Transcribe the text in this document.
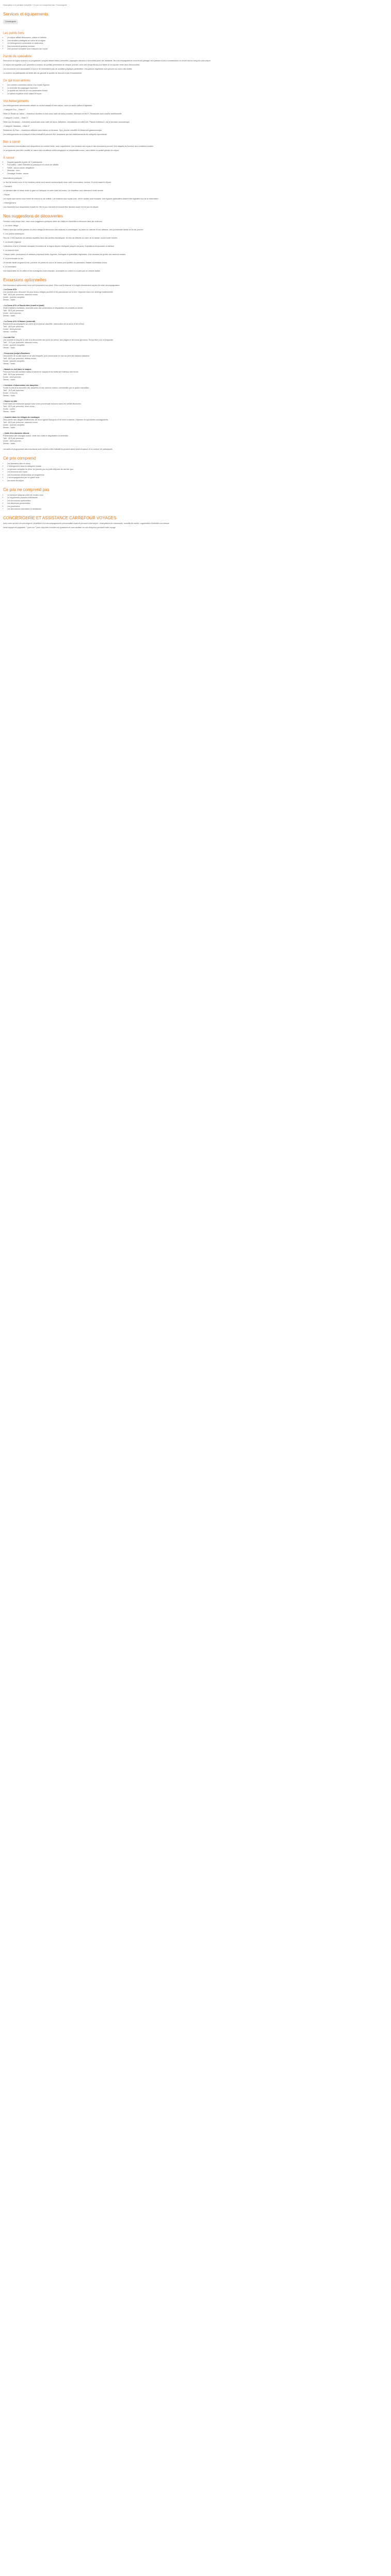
Description à la pension complète / Ce prix ne comprend pas / Conciergerie
Services et équipements
Conciergerie
Les points forts
• Un séjour alliant découverte, culture et détente
• Une situation privilégiée au cœur de la région
• Un hébergement confortable et chaleureux
• Des excursions guidées incluses
• Une pension complète avec boissons aux repas
Parole de spécialiste

Découvrez la région à travers un programme complet alliant visites culturelles, paysages naturels et rencontres avec les habitants. Nos accompagnateurs vous feront partager leur passion et leur connaissance du terroir tout au long de votre séjour.

Le séjour est organisé pour permettre à chacun de profiter pleinement de chaque journée, avec des temps libres pour flâner et se reposer entre deux découvertes.

Les excursions sont accessibles à tous et ne nécessitent pas de condition physique particulière. Des pauses régulières sont prévues au cours des visites.

Le nombre de participants est limité afin de garantir la qualité de l'accueil et de l'encadrement.

Ce qui nous aimons
• Les soirées conviviales autour d'un repas régional
• La diversité des paysages traversés
• La qualité de l'accueil de nos partenaires locaux
• Le rythme équilibré entre visites et repos
Vos hébergements

Les hébergements sélectionnés offrent un confort adapté à votre séjour, dans un cadre calme et agréable.

• Catégorie Eco – Hôtel 2*

Hôtel Le Relais du Vallon – chambres doubles ou twin avec salle de bains privative, télévision et Wi-Fi. Restaurant avec cuisine traditionnelle.

• Catégorie Confort – Hôtel 3*

Hôtel Les Terrasses – chambres spacieuses avec salle de bains, télévision, climatisation et coffre-fort. Piscine extérieure, bar et terrasse panoramique.

• Catégorie Standard – Hôtel 4*

Résidence du Parc – chambres raffinées avec balcon ou terrasse. Spa, piscine chauffée et restaurant gastronomique.

Les hébergements sont indiqués à titre indicatif et peuvent être remplacés par des établissements de catégorie équivalente.

Bon à savoir

Les chambres individuelles sont disponibles en nombre limité, avec supplément. Les horaires des repas et des excursions peuvent être adaptés en fonction des conditions locales.

Le programme peut être modifié en raison des conditions météorologiques ou d'impératifs locaux, sans altérer la qualité globale du séjour.

À savoir
• Départs garantis à partir de 2 participants
• Formalités : carte d'identité ou passeport en cours de validité
• Santé : aucun vaccin obligatoire
• Monnaie : euro
• Décalage horaire : aucun

Informations pratiques

Le lieu de rendez-vous et les horaires précis vous seront communiqués avec votre convocation, environ 10 jours avant le départ.

• Transfert

Le transfert aller et retour entre la gare ou l'aéroport et votre hôtel est inclus. Un chauffeur vous attendra à votre arrivée.

• Repas

Les repas sont servis sous forme de menus ou de buffets. Les boissons aux repas (eau, vin en carafe) sont incluses. Les régimes particuliers doivent être signalés lors de la réservation.

• Hébergement

Les chambres sont disponibles à partir de 15h le jour d'arrivée et doivent être libérées avant 11h le jour du départ.

Nos suggestions de découvertes

Pendant votre temps libre, nous vous suggérons quelques idées de visites et d'activités à découvrir dans les environs.

1. Le vieux village

Flânez dans les ruelles pavées du vieux village et découvrez ses maisons à colombages, sa place du marché et ses artisans. Une promenade idéale en fin de journée.

2. Les jardins botaniques

Plus de 2 000 espèces de plantes réparties dans des jardins thématiques. Un lieu de détente au cœur de la nature, ouvert toute l'année.

3. Le musée régional

Collections d'art et d'histoire retraçant l'évolution de la région depuis l'Antiquité jusqu'à nos jours. Expositions temporaires et ateliers.

4. Le marché local

Chaque matin, producteurs et artisans proposent fruits, légumes, fromages et spécialités régionales. Une occasion de goûter aux saveurs locales.

5. La promenade du lac

Un sentier facile longeant le lac, ponctué de points de vue et de bancs pour profiter du panorama. Balade accessible à tous.

6. Le belvédère

Vue imprenable sur la vallée et les montagnes environnantes. Accessible en voiture ou à pied par un chemin balisé.

Excursions optionnelles

Des excursions optionnelles vous sont proposées sur place. Elles sont à réserver et à régler directement auprès de votre accompagnateur.

• La Corse d'Or
Une journée pour découvrir les plus beaux villages perchés et les panoramas sur la mer. Déjeuner dans une auberge traditionnelle.
Tarif : 65 € par personne, déjeuner inclus.
Durée : journée complète.
Niveau : facile.
• La Corse d'Or et Savoir-faire (mardi et jeudi)
Visite d'ateliers d'artisans, rencontre avec des producteurs et dégustation de produits du terroir.
Tarif : 55 € par personne.
Durée : demi-journée.
Niveau : facile.
• La Corse d'Or et Nature (vendredi)
Randonnée accompagnée au cœur de la réserve naturelle, observation de la faune et de la flore.
Tarif : 45 € par personne.
Durée : demi-journée.
Niveau : modéré.
• La côte Est
Une journée le long de la côte à la découverte des ports de pêche, des plages et des tours génoises. Temps libre pour la baignade.
Tarif : 70 € par personne, déjeuner inclus.
Durée : journée complète.
Niveau : facile.
• Excursion jusqu'à Bonifacio
Découverte de la ville haute et de ses remparts, puis promenade en mer au pied des falaises calcaires.
Tarif : 85 € par personne, bateau inclus.
Durée : journée complète.
Niveau : facile.
• Balade en 4x4 dans le maquis
Parcours hors des sentiers battus à travers le maquis et les forêts de l'intérieur des terres.
Tarif : 60 € par personne.
Durée : demi-journée.
Niveau : facile.
• Croisière d'observation des dauphins
Sortie en mer à la rencontre des dauphins et des oiseaux marins, commentée par un guide naturaliste.
Tarif : 75 € par personne.
Durée : 3 heures.
Niveau : facile.
• Soirée en ville
Dîner dans un restaurant typique suivi d'une promenade nocturne dans les ruelles illuminées.
Tarif : 50 € par personne, dîner inclus.
Durée : soirée.
Niveau : facile.
• Journée dans les villages de montagne
Découverte des villages traditionnels, de leurs églises baroques et de leurs fontaines. Déjeuner de spécialités montagnardes.
Tarif : 65 € par personne, déjeuner inclus.
Durée : journée complète.
Niveau : facile.
• Visite d'un domaine viticole
Présentation des cépages locaux, visite des chais et dégustation commentée.
Tarif : 40 € par personne.
Durée : demi-journée.
Niveau : facile.

Les tarifs et programmes des excursions sont donnés à titre indicatif et peuvent varier selon la saison et le nombre de participants.

Ce prix comprend
• Les transferts aller et retour
• L'hébergement dans la catégorie choisie
• La pension complète du dîner du premier jour au petit-déjeuner du dernier jour
• Les boissons aux repas
• Les excursions mentionnées au programme
• L'accompagnement par un guide local
• Les taxes de séjour
Ce prix ne comprend pas
• Le transport jusqu'au point de rendez-vous
• Le supplément chambre individuelle
• Les excursions optionnelles
• Les dépenses personnelles
• Les pourboires
• Les assurances annulation et assistance
CONCIERGERIE ET ASSISTANCE CARREFOUR VOYAGES

Avec notre service de conciergerie, bénéficiez d'un accompagnement personnalisé avant et pendant votre séjour : réservations de restaurants, conseils de visites, organisation d'activités sur mesure.

Notre équipe est joignable 7 jours sur 7 pour répondre à toutes vos questions et vous assister en cas d'imprévu pendant votre voyage.
